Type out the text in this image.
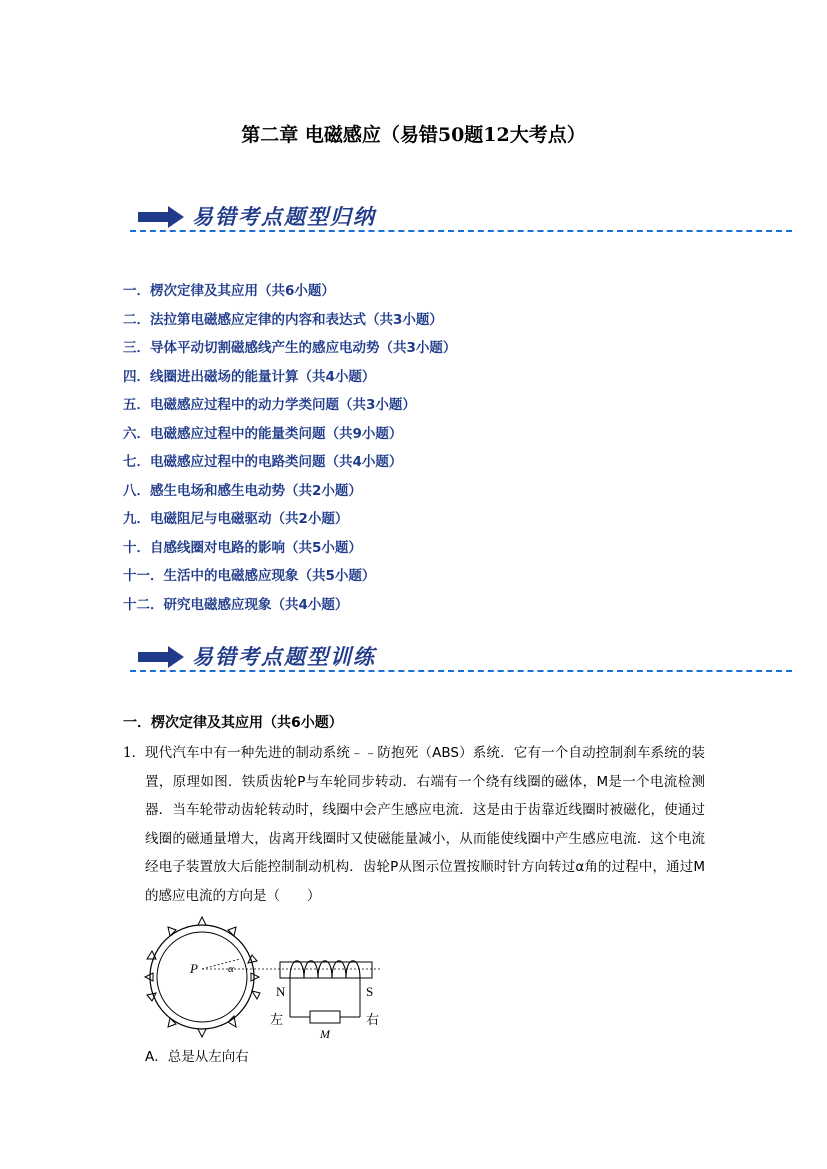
第二章 电磁感应（易错50题12大考点）
易错考点题型归纳
一．楞次定律及其应用（共6小题）
二．法拉第电磁感应定律的内容和表达式（共3小题）
三．导体平动切割磁感线产生的感应电动势（共3小题）
四．线圈进出磁场的能量计算（共4小题）
五．电磁感应过程中的动力学类问题（共3小题）
六．电磁感应过程中的能量类问题（共9小题）
七．电磁感应过程中的电路类问题（共4小题）
八．感生电场和感生电动势（共2小题）
九．电磁阻尼与电磁驱动（共2小题）
十．自感线圈对电路的影响（共5小题）
十一．生活中的电磁感应现象（共5小题）
十二．研究电磁感应现象（共4小题）
易错考点题型训练
一．楞次定律及其应用（共6小题）
1． 现代汽车中有一种先进的制动系统﹣﹣防抱死（ABS）系统．它有一个自动控制刹车系统的装置，原理如图．铁质齿轮P与车轮同步转动．右端有一个绕有线圈的磁体，M是一个电流检测器．当车轮带动齿轮转动时，线圈中会产生感应电流．这是由于齿靠近线圈时被磁化，使通过线圈的磁通量增大，齿离开线圈时又使磁能量减小，从而能使线圈中产生感应电流．这个电流经电子装置放大后能控制制动机构．齿轮P从图示位置按顺时针方向转过α角的过程中，通过M的感应电流的方向是（　　）
P	α
N	S
左	右
M
A．总是从左向右
